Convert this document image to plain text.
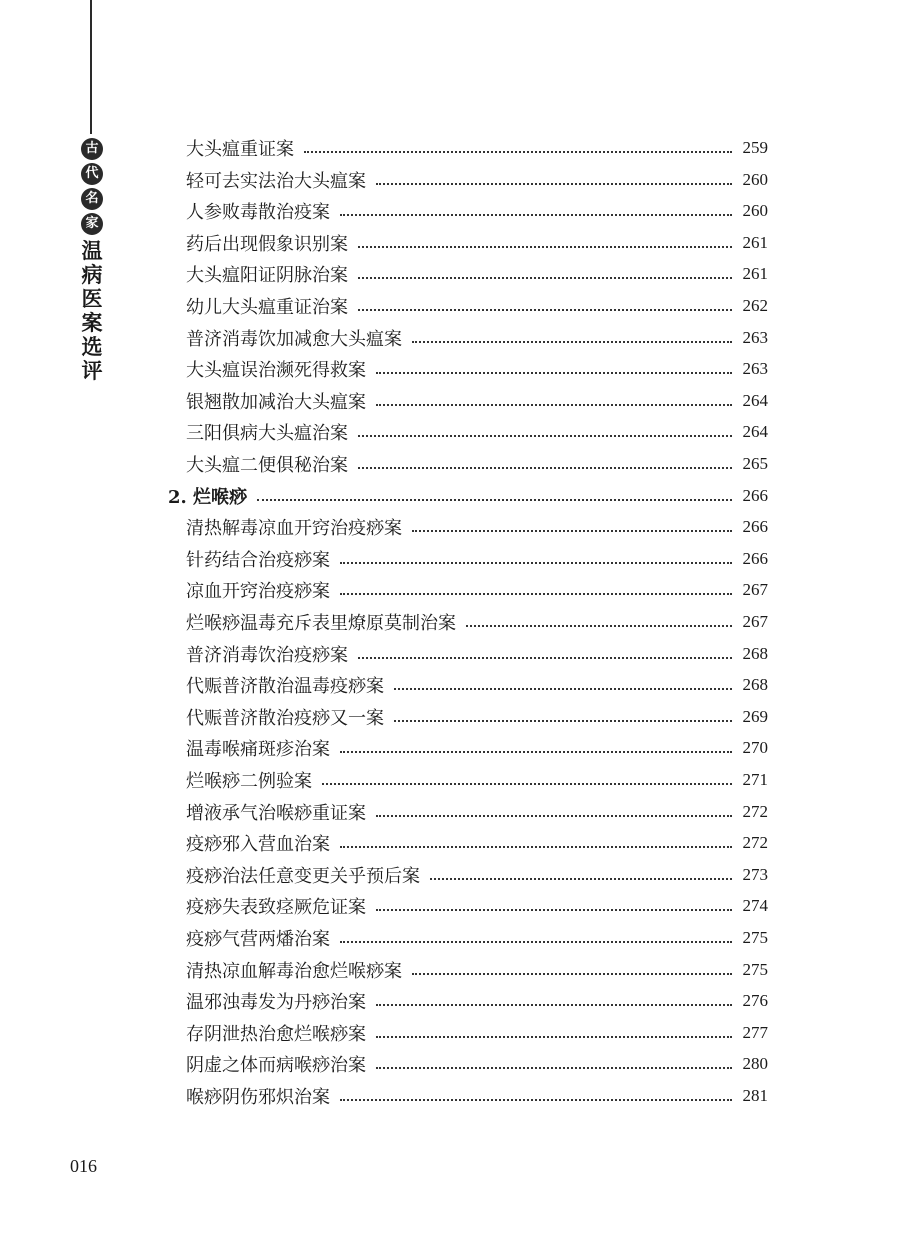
古
代
名
家
温
病
医
案
选
评
大头瘟重证案	259
轻可去实法治大头瘟案	260
人参败毒散治疫案	260
药后出现假象识别案	261
大头瘟阳证阴脉治案	261
幼儿大头瘟重证治案	262
普济消毒饮加减愈大头瘟案	263
大头瘟误治濒死得救案	263
银翘散加减治大头瘟案	264
三阳俱病大头瘟治案	264
大头瘟二便俱秘治案	265
2. 烂喉痧	266
清热解毒凉血开窍治疫痧案	266
针药结合治疫痧案	266
凉血开窍治疫痧案	267
烂喉痧温毒充斥表里燎原莫制治案	267
普济消毒饮治疫痧案	268
代赈普济散治温毒疫痧案	268
代赈普济散治疫痧又一案	269
温毒喉痛斑疹治案	270
烂喉痧二例验案	271
增液承气治喉痧重证案	272
疫痧邪入营血治案	272
疫痧治法任意变更关乎预后案	273
疫痧失表致痉厥危证案	274
疫痧气营两燔治案	275
清热凉血解毒治愈烂喉痧案	275
温邪浊毒发为丹痧治案	276
存阴泄热治愈烂喉痧案	277
阴虚之体而病喉痧治案	280
喉痧阴伤邪炽治案	281
016
